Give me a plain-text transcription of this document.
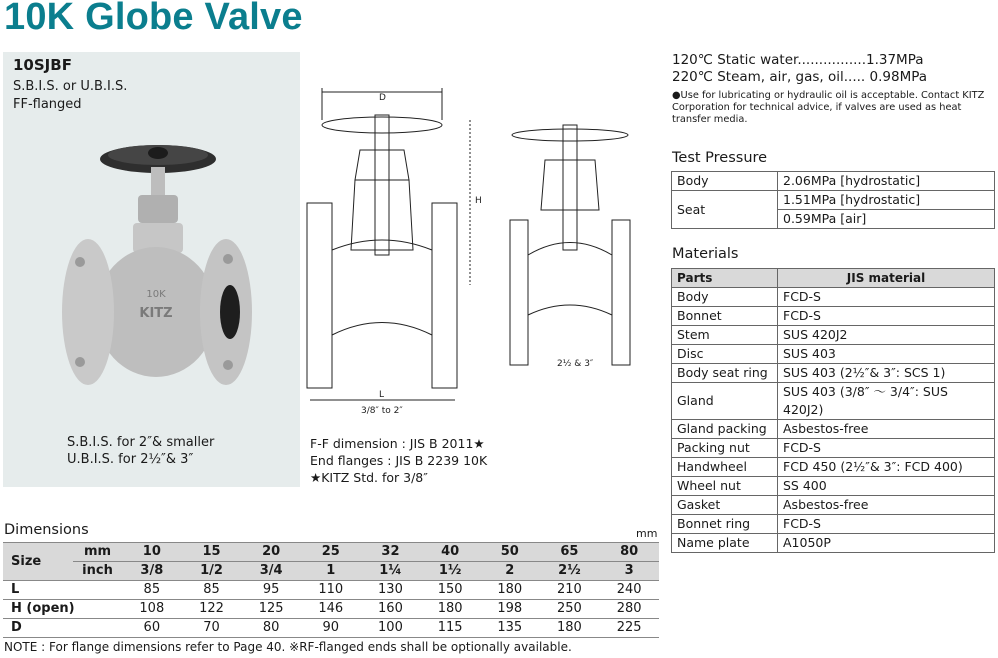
10K Globe Valve
10SJBF
S.B.I.S. or U.B.I.S.
FF-flanged
10K
KITZ
S.B.I.S. for 2″& smaller
U.B.I.S. for 2½″& 3″
D
H
L
3/8″ to 2″
2½ & 3″
F-F dimension : JIS B 2011★
End flanges : JIS B 2239 10K
★KITZ Std. for 3/8″
120℃ Static water................1.37MPa
220℃ Steam, air, gas, oil..... 0.98MPa
●Use for lubricating or hydraulic oil is acceptable. Contact KITZ Corporation for technical advice, if valves are used as heat transfer media.
Test Pressure
Body	2.06MPa [hydrostatic]
Seat	1.51MPa [hydrostatic]
	0.59MPa [air]
Materials
Parts	JIS material
Body	FCD-S
Bonnet	FCD-S
Stem	SUS 420J2
Disc	SUS 403
Body seat ring	SUS 403 (2½″& 3″: SCS 1)
Gland	SUS 403 (3/8″ ～ 3/4″: SUS 420J2)
Gland packing	Asbestos-free
Packing nut	FCD-S
Handwheel	FCD 450 (2½″& 3″: FCD 400)
Wheel nut	SS 400
Gasket	Asbestos-free
Bonnet ring	FCD-S
Name plate	A1050P
Dimensions	mm
Size	mm	10	15	20	25	32	40	50	65	80
	inch	3/8	1/2	3/4	1	1¼	1½	2	2½	3
L		85	85	95	110	130	150	180	210	240
H (open)		108	122	125	146	160	180	198	250	280
D		60	70	80	90	100	115	135	180	225
NOTE : For flange dimensions refer to Page 40. ※RF-flanged ends shall be optionally available.
